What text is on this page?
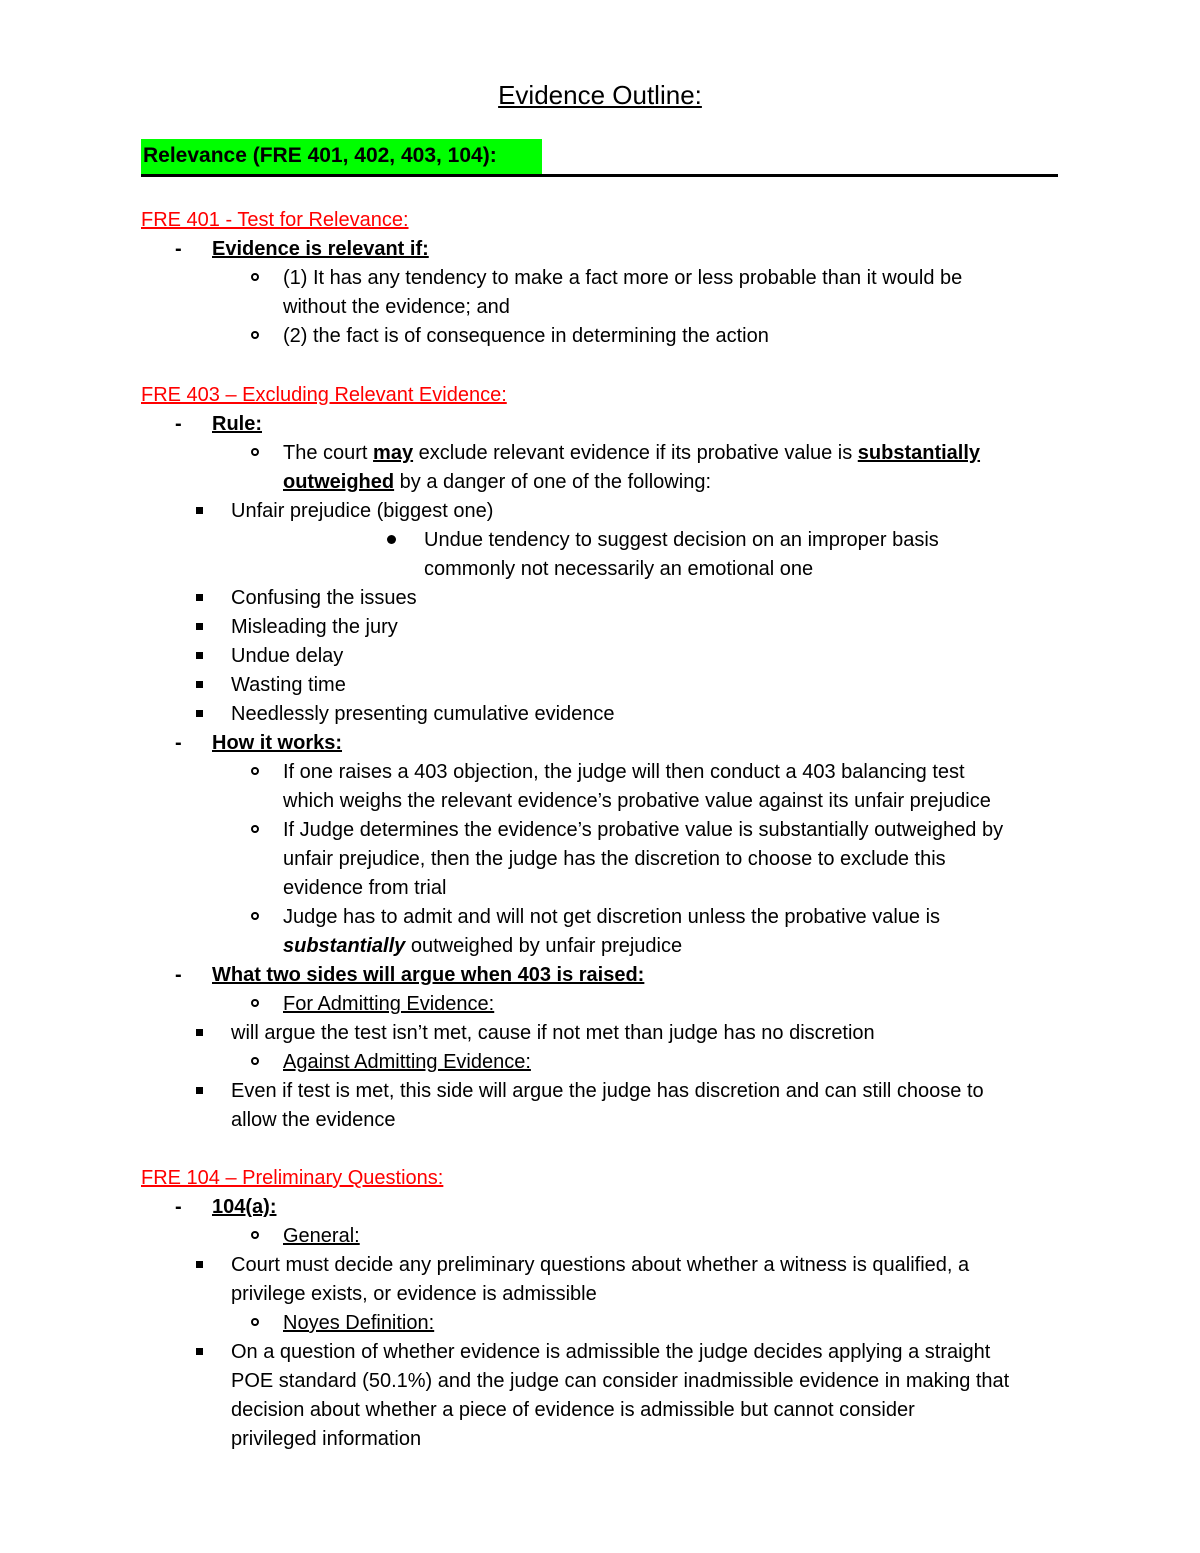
Evidence Outline:
Relevance (FRE 401, 402, 403, 104):
FRE 401 - Test for Relevance:
- Evidence is relevant if:
(1) It has any tendency to make a fact more or less probable than it would be
without the evidence; and
(2) the fact is of consequence in determining the action
FRE 403 – Excluding Relevant Evidence:
- Rule:
The court may exclude relevant evidence if its probative value is substantially
outweighed by a danger of one of the following:
Unfair prejudice (biggest one)
Undue tendency to suggest decision on an improper basis
commonly not necessarily an emotional one
Confusing the issues
Misleading the jury
Undue delay
Wasting time
Needlessly presenting cumulative evidence
- How it works:
If one raises a 403 objection, the judge will then conduct a 403 balancing test
which weighs the relevant evidence’s probative value against its unfair prejudice
If Judge determines the evidence’s probative value is substantially outweighed by
unfair prejudice, then the judge has the discretion to choose to exclude this
evidence from trial
Judge has to admit and will not get discretion unless the probative value is
substantially outweighed by unfair prejudice
- What two sides will argue when 403 is raised:
For Admitting Evidence:
will argue the test isn’t met, cause if not met than judge has no discretion
Against Admitting Evidence:
Even if test is met, this side will argue the judge has discretion and can still choose to
allow the evidence
FRE 104 – Preliminary Questions:
- 104(a):
General:
Court must decide any preliminary questions about whether a witness is qualified, a
privilege exists, or evidence is admissible
Noyes Definition:
On a question of whether evidence is admissible the judge decides applying a straight
POE standard (50.1%) and the judge can consider inadmissible evidence in making that
decision about whether a piece of evidence is admissible but cannot consider
privileged information
